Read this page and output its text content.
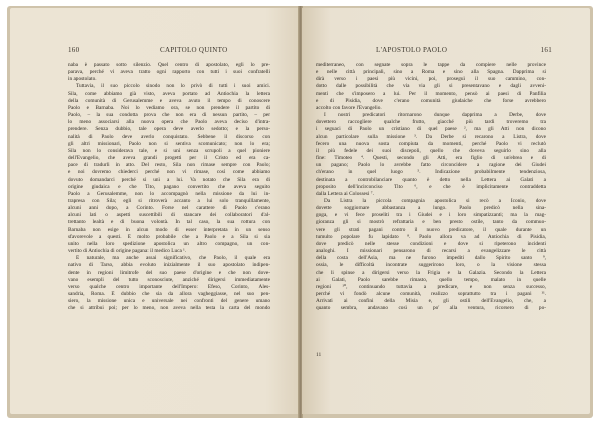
160	CAPITOLO QUINTO
naba è passato sotto silenzio. Quel centro di apostolato, egli lo pre-
parava, perché vi aveva tratto ogni rapporto con tutti i suoi confratelli
in apostolato.
Tuttavia, il suo piccolo sinodo non lo privò di tutti i suoi amici.
Sila, come abbiamo già visto, aveva portato ad Antiochia la lettera
della comunità di Gerusalemme e aveva avuto il tempo di conoscere
Paolo e Barnaba. Noi lo vediamo ora, se non prendere il partito di
Paolo, – la sua condotta prova che non era di nessun partito, – per
lo meno associarsi alla nuova opera che Paolo aveva deciso d'intra-
prendere. Senza dubbio, tale opera deve averlo sedotto; e la perso-
nalità di Paolo deve averlo conquistato. Sebbene il discorso con
gli altri missionari, Paolo non si sentiva scomunicato; non lo era;
Sila non lo considerava tale, e si unì senza scrupoli a quel pioniere
dell'Evangelio, che aveva grandi progetti per il Cristo ed era ca-
pace di tradurli in atto. Del resto, Sila non rimase sempre con Paolo;
e noi dovremo chiederci perché non vi rimase, così come abbiamo
dovuto domandarci perché si unì a lui. Va notato che Sila era di
origine giudaica e che Tito, pagano convertito che aveva seguito
Paolo a Gerusalemme, non lo accompagnò nella missione da lui in-
trapresa con Sila; egli si ritroverà accanto a lui solo tranquillamente,
alcuni anni dopo, a Corinto. Forse nel carattere di Paolo c'erano
alcuni lati o aspetti suscettibili di stancare dei collaboratori d'al-
trettanto lealtà e di buona volontà. In tal caso, la sua rottura con
Barnaba non esige in alcun modo di esser interpretata in un senso
sfavorevole a questi. È molto probabile che a Paolo e a Sila si sia
unito nella loro spedizione apostolica un altro compagno, un con-
vertito di Antiochia di origine pagana: il medico Luca ¹.
È naturale, ma anche assai significativo, che Paolo, il quale era
nativo di Tarso, abbia evoluto inizialmente il suo apostolato indipen-
dente in regioni limitrofe del suo paese d'origine e che non dove-
vano esempli del tutto sconosciute, anziché dirigersi immediatamente
verso qualche centro importante dell'Impero: Efeso, Corinto, Ales-
sandria, Roma. È dubbio che sia da allora vagheggiasse, nel suo pen-
siero, la missione unica e universale nei confronti del genere umano
che si attribui poi; per lo meno, non aveva nella testa la carta del mondo
L'APOSTOLO PAOLO	161
mediterraneo, con segnate sopra le tappe da compiere nelle province
e nelle città principali, sino a Roma e sino alla Spagna. Dapprima si
dirà verso i paesi più vicini, poi, proseguì il suo cammino, con-
dotto dalle possibilità che via via gli si presentavano e dagli avveni-
menti che s'imposero a lui. Per il momento, pensò ai paesi di Panfilia
e di Pisidia, dove c'erano comunità giudaiche che forse avrebbero
accolto con favore l'Evangelio.
I nostri predicatori ritornarono dunque dapprima a Derbe, dove
dovettero raccogliere qualche frutto, giacché più tardi troveremo tra
i seguaci di Paolo un cristiano di quel paese ², ma gli Atti non dicono
alcun particolare sulla missione ³. Da Derbe si recarono a Listra, dove
fecero una nuova sosta compiuta da momenti, perché Paolo vi reclutò
il più fedele dei suoi discepoli, quello che doveva seguirlo sino alla
fine: Timoteo ⁴. Questi, secondo gli Atti, era figlio di un'ebrea e di
un pagano; Paolo lo avrebbe fatto circoncidere a ragione dei Giudei
ch'erano in quel luogo ⁵. Indicazione probabilmente tendenziosa,
destinata a controbilanciare quanto è detto nella Lettera ai Galati a
proposito dell'incirconciso Tito ⁶, e che è implicitamente contraddetta
dalla Lettera ai Colossesi ⁷.
Da Listra la piccola compagnia apostolica si recò a Iconio, dove
dovette soggiornare abbastanza a lungo. Paolo predicò nella sina-
goga, e vi fece proseliti tra i Giudei e i loro simpatizzanti; ma la mag-
gioranza gli si mostrò refrattaria e ben presto ostile, tanto da commuo-
vere gli strati pagani contro il nuovo predicatore, il quale durante un
tumulto popolare fu lapidato ⁸. Paolo allora va ad Antiochia di Pisidia,
dove predicò nelle stesse condizioni e dove si ripeterono incidenti
analoghi. I missionari pensarono di recarsi a evangelizzare le città
della costa dell'Asia, ma ne furono impediti dallo Spirito santo ⁹,
ossia, le difficoltà incontrate suggerirono loro, o la visione stessa
che li spinse a dirigersi verso la Frigia e la Galazia. Secondo la Lettera
ai Galati, Paolo sarebbe rimasto, quello tempo, malato in quelle
regioni ¹⁰, continuando tuttavia a predicare, e non senza successo,
perché vi fondò alcune comunità, realizzo soprattutto tra i pagani ¹¹.
Arrivati ai confini della Misia e, gli ostili dell'Evangelio, che, a
quanto sembra, andavano così un po' alla ventura, ricorsero di po-
11
